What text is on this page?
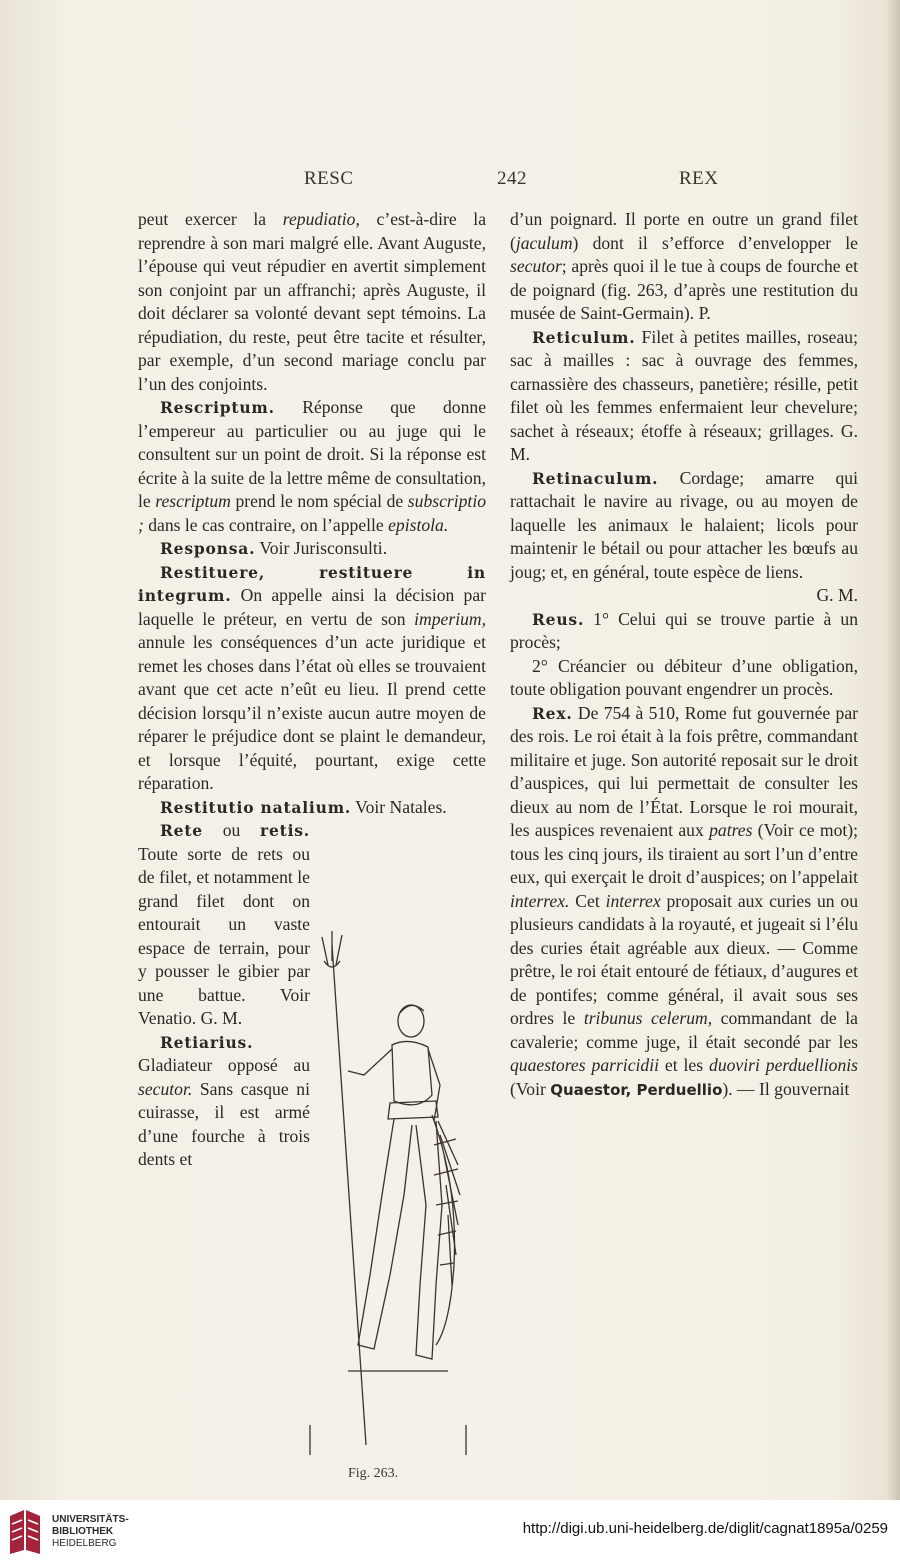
RESC	242	REX

peut exercer la repudiatio, c’est-à-dire la reprendre à son mari malgré elle. Avant Auguste, l’épouse qui veut répudier en avertit simplement son conjoint par un affranchi; après Auguste, il doit déclarer sa volonté devant sept témoins. La répudiation, du reste, peut être tacite et résulter, par exemple, d’un second mariage conclu par l’un des conjoints.

Rescriptum. Réponse que donne l’empereur au particulier ou au juge qui le consultent sur un point de droit. Si la réponse est écrite à la suite de la lettre même de consultation, le rescriptum prend le nom spécial de subscriptio ; dans le cas contraire, on l’appelle epistola.

Responsa. Voir Jurisconsulti.

Restituere, restituere in integrum. On appelle ainsi la décision par laquelle le préteur, en vertu de son imperium, annule les conséquences d’un acte juridique et remet les choses dans l’état où elles se trouvaient avant que cet acte n’eût eu lieu. Il prend cette décision lorsqu’il n’existe aucun autre moyen de réparer le préjudice dont se plaint le demandeur, et lorsque l’équité, pourtant, exige cette réparation.

Restitutio natalium. Voir Natales.

Rete ou retis. Toute sorte de rets ou de filet, et notamment le grand filet dont on entourait un vaste espace de terrain, pour y pousser le gibier par une battue. Voir Venatio. G. M.

Retiarius. Gladiateur opposé au secutor. Sans casque ni cuirasse, il est armé d’une fourche à trois dents et

Fig. 263.

d’un poignard. Il porte en outre un grand filet (jaculum) dont il s’efforce d’envelopper le secutor; après quoi il le tue à coups de fourche et de poignard (fig. 263, d’après une restitution du musée de Saint-Germain). P.

Reticulum. Filet à petites mailles, roseau; sac à mailles : sac à ouvrage des femmes, carnassière des chasseurs, panetière; résille, petit filet où les femmes enfermaient leur chevelure; sachet à réseaux; étoffe à réseaux; grillages. G. M.

Retinaculum. Cordage; amarre qui rattachait le navire au rivage, ou au moyen de laquelle les animaux le halaient; licols pour maintenir le bétail ou pour attacher les bœufs au joug; et, en général, toute espèce de liens.
G. M.

Reus. 1° Celui qui se trouve partie à un procès;

2° Créancier ou débiteur d’une obligation, toute obligation pouvant engendrer un procès.

Rex. De 754 à 510, Rome fut gouvernée par des rois. Le roi était à la fois prêtre, commandant militaire et juge. Son autorité reposait sur le droit d’auspices, qui lui permettait de consulter les dieux au nom de l’État. Lorsque le roi mourait, les auspices revenaient aux patres (Voir ce mot); tous les cinq jours, ils tiraient au sort l’un d’entre eux, qui exerçait le droit d’auspices; on l’appelait interrex. Cet interrex proposait aux curies un ou plusieurs candidats à la royauté, et jugeait si l’élu des curies était agréable aux dieux. — Comme prêtre, le roi était entouré de fétiaux, d’augures et de pontifes; comme général, il avait sous ses ordres le tribunus celerum, commandant de la cavalerie; comme juge, il était secondé par les quaestores parricidii et les duoviri perduellionis (Voir Quaestor, Perduellio). — Il gouvernait

UNIVERSITÄTS-
BIBLIOTHEK
HEIDELBERG
http://digi.ub.uni-heidelberg.de/diglit/cagnat1895a/0259
